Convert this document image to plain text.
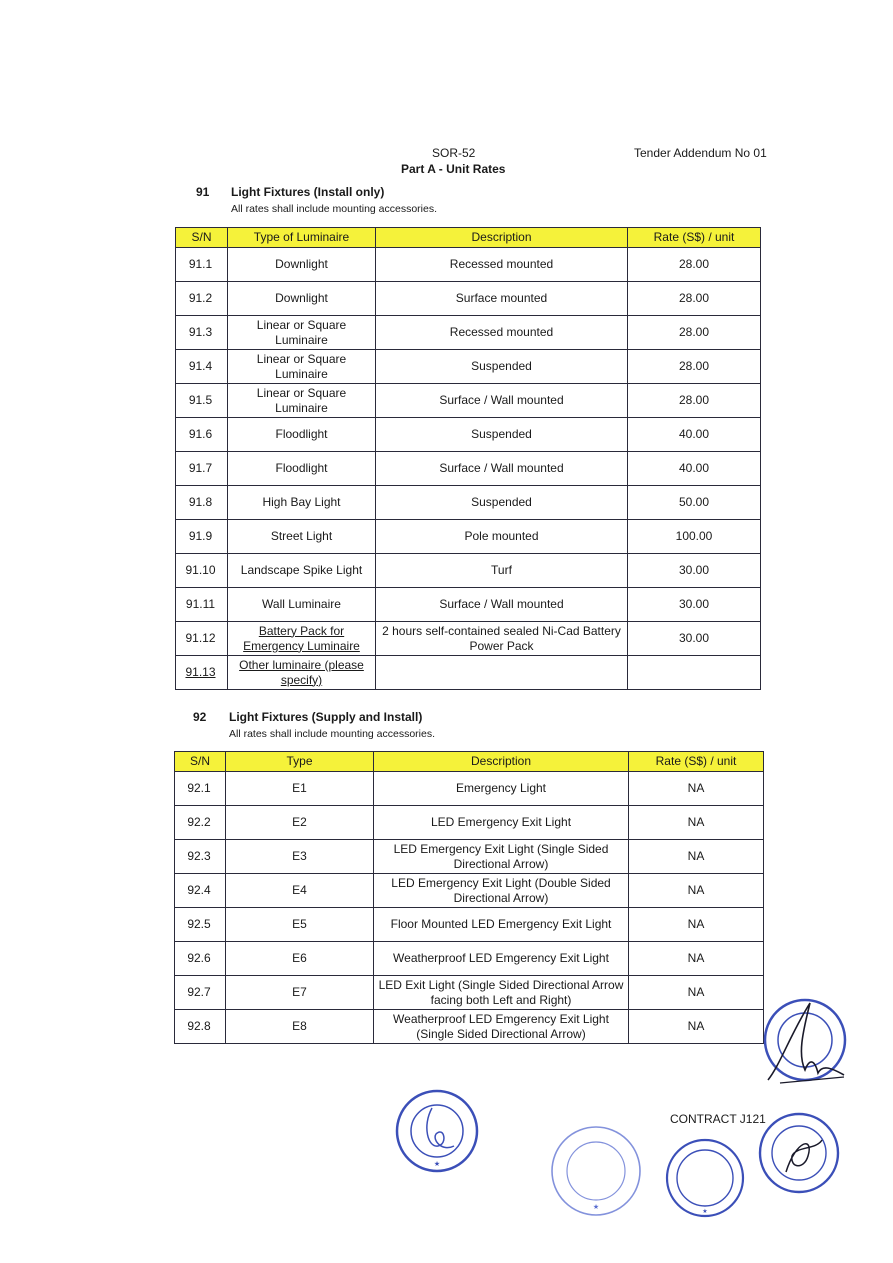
SOR-52	Tender Addendum No 01
Part A - Unit Rates
91 Light Fixtures (Install only)
All rates shall include mounting accessories.
S/N	Type of Luminaire	Description	Rate (S$) / unit
91.1	Downlight	Recessed mounted	28.00
91.2	Downlight	Surface mounted	28.00
91.3	Linear or Square Luminaire	Recessed mounted	28.00
91.4	Linear or Square Luminaire	Suspended	28.00
91.5	Linear or Square Luminaire	Surface / Wall mounted	28.00
91.6	Floodlight	Suspended	40.00
91.7	Floodlight	Surface / Wall mounted	40.00
91.8	High Bay Light	Suspended	50.00
91.9	Street Light	Pole mounted	100.00
91.10	Landscape Spike Light	Turf	30.00
91.11	Wall Luminaire	Surface / Wall mounted	30.00
91.12	Battery Pack for Emergency Luminaire	2 hours self-contained sealed Ni-Cad Battery Power Pack	30.00
91.13	Other luminaire (please specify)		
92 Light Fixtures (Supply and Install)
All rates shall include mounting accessories.
S/N	Type	Description	Rate (S$) / unit
92.1	E1	Emergency Light	NA
92.2	E2	LED Emergency Exit Light	NA
92.3	E3	LED Emergency Exit Light (Single Sided Directional Arrow)	NA
92.4	E4	LED Emergency Exit Light (Double Sided Directional Arrow)	NA
92.5	E5	Floor Mounted LED Emergency Exit Light	NA
92.6	E6	Weatherproof LED Emgerency Exit Light	NA
92.7	E7	LED Exit Light (Single Sided Directional Arrow facing both Left and Right)	NA
92.8	E8	Weatherproof LED Emgerency Exit Light (Single Sided Directional Arrow)	NA
CONTRACT J121
★
★
★
